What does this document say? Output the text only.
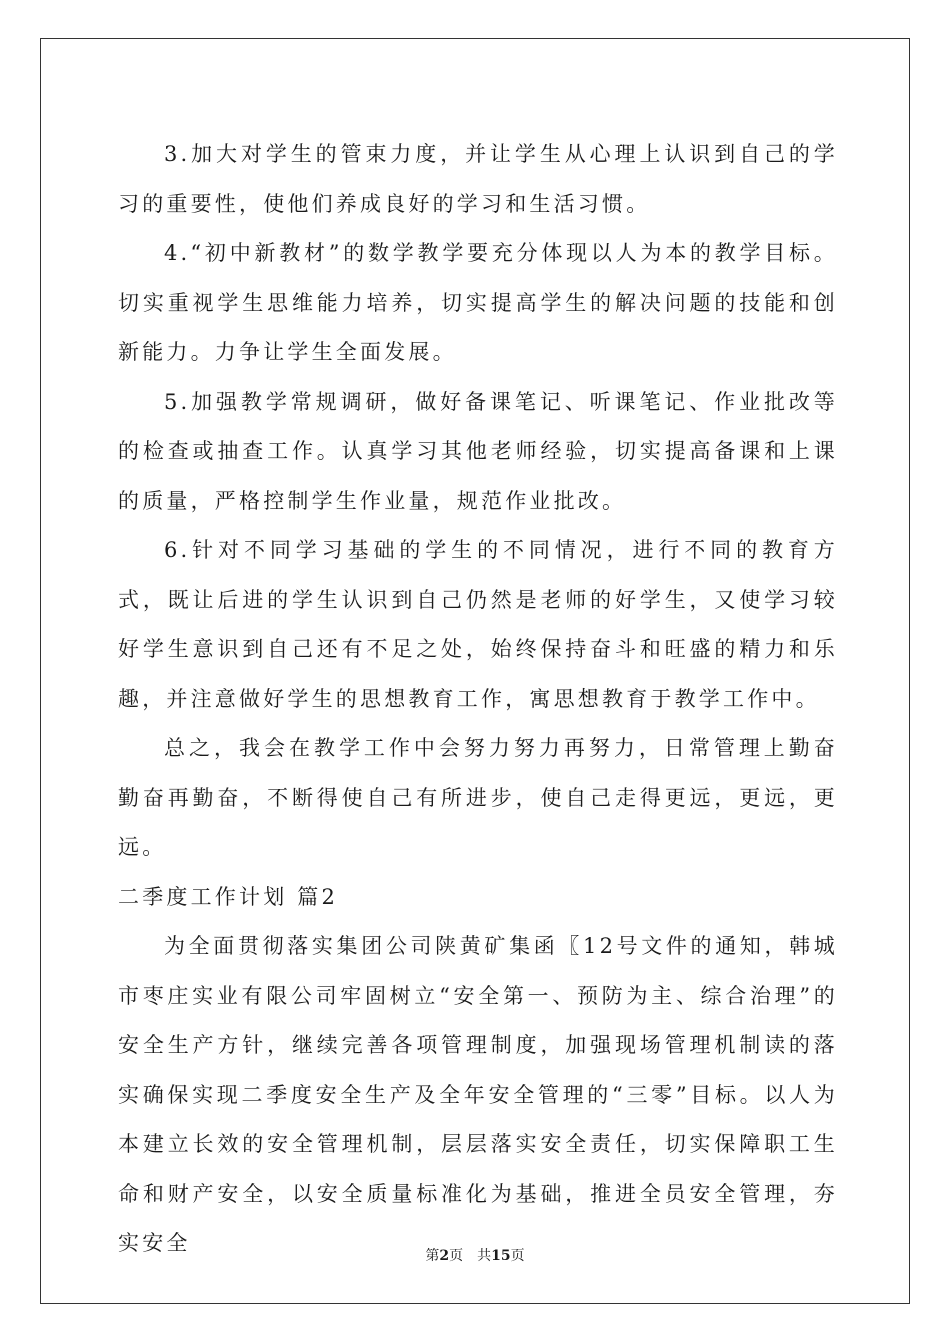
3.加大对学生的管束力度，并让学生从心理上认识到自己的学习的重要性，使他们养成良好的学习和生活习惯。

4.“初中新教材”的数学教学要充分体现以人为本的教学目标。切实重视学生思维能力培养，切实提高学生的解决问题的技能和创新能力。力争让学生全面发展。

5.加强教学常规调研，做好备课笔记、听课笔记、作业批改等的检查或抽查工作。认真学习其他老师经验，切实提高备课和上课的质量，严格控制学生作业量，规范作业批改。

6.针对不同学习基础的学生的不同情况，进行不同的教育方式，既让后进的学生认识到自己仍然是老师的好学生，又使学习较好学生意识到自己还有不足之处，始终保持奋斗和旺盛的精力和乐趣，并注意做好学生的思想教育工作，寓思想教育于教学工作中。

总之，我会在教学工作中会努力努力再努力，日常管理上勤奋勤奋再勤奋，不断得使自己有所进步，使自己走得更远，更远，更远。

二季度工作计划 篇2

为全面贯彻落实集团公司陕黄矿集函〖12号文件的通知，韩城市枣庄实业有限公司牢固树立“安全第一、预防为主、综合治理”的安全生产方针，继续完善各项管理制度，加强现场管理机制读的落实确保实现二季度安全生产及全年安全管理的“三零”目标。以人为本建立长效的安全管理机制，层层落实安全责任，切实保障职工生命和财产安全，以安全质量标准化为基础，推进全员安全管理，夯实安全

第2页　共15页
